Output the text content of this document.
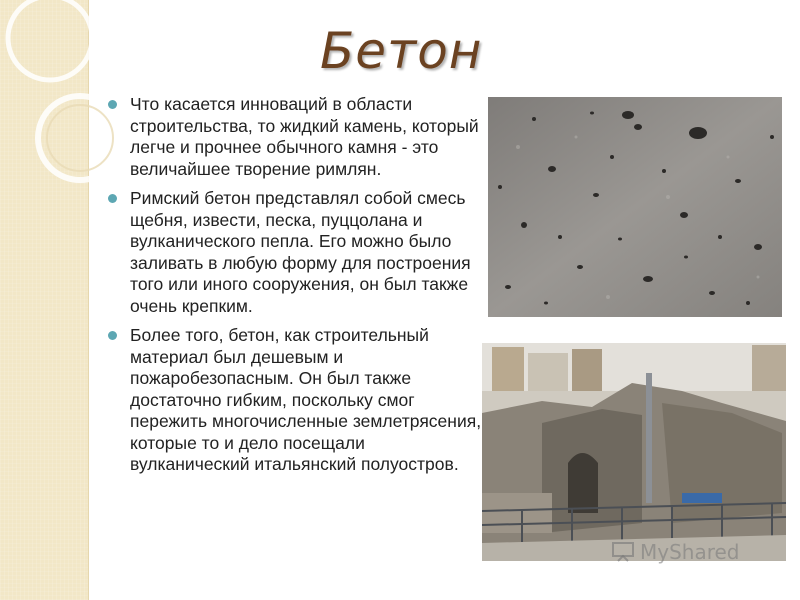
Бетон
Что касается инноваций в области строительства, то жидкий камень, который легче и прочнее обычного камня - это величайшее творение римлян.
Римский бетон представлял собой смесь щебня, извести, песка, пуццолана и вулканического пепла. Его можно было заливать в любую форму для построения того или иного сооружения, он был также очень крепким.
Более того, бетон, как строительный материал был дешевым и пожаробезопасным. Он был также достаточно гибким, поскольку смог пережить многочисленные землетрясения, которые то и дело посещали вулканический итальянский полуостров.
MyShared
